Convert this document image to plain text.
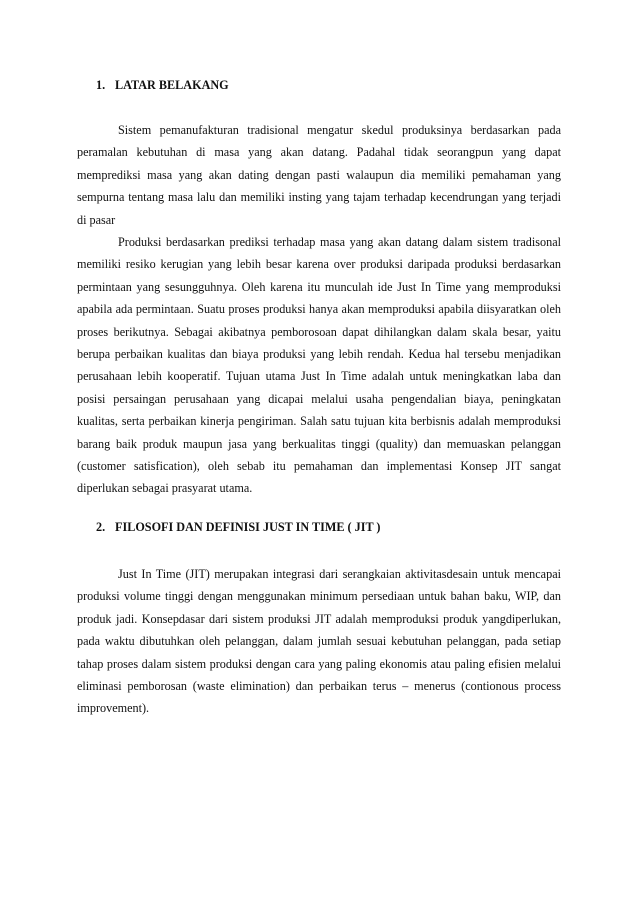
1. LATAR BELAKANG

Sistem pemanufakturan tradisional mengatur skedul produksinya berdasarkan pada peramalan kebutuhan di masa yang akan datang. Padahal tidak seorangpun yang dapat memprediksi masa yang akan dating dengan pasti walaupun dia memiliki pemahaman yang sempurna tentang masa lalu dan memiliki insting yang tajam terhadap kecendrungan yang terjadi di pasar

Produksi berdasarkan prediksi terhadap masa yang akan datang dalam sistem tradisonal memiliki resiko kerugian yang lebih besar karena over produksi daripada produksi berdasarkan permintaan yang sesungguhnya. Oleh karena itu munculah ide Just In Time yang memproduksi apabila ada permintaan. Suatu proses produksi hanya akan memproduksi apabila diisyaratkan oleh proses berikutnya. Sebagai akibatnya pemborosoan dapat dihilangkan dalam skala besar, yaitu berupa perbaikan kualitas dan biaya produksi yang lebih rendah. Kedua hal tersebu menjadikan perusahaan lebih kooperatif. Tujuan utama Just In Time adalah untuk meningkatkan laba dan posisi persaingan perusahaan yang dicapai melalui usaha pengendalian biaya, peningkatan kualitas, serta perbaikan kinerja pengiriman. Salah satu tujuan kita berbisnis adalah memproduksi barang baik produk maupun jasa yang berkualitas tinggi (quality) dan memuaskan pelanggan (customer satisfication), oleh sebab itu pemahaman dan implementasi Konsep JIT sangat diperlukan sebagai prasyarat utama.

2. FILOSOFI DAN DEFINISI JUST IN TIME ( JIT )

Just In Time (JIT) merupakan integrasi dari serangkaian aktivitasdesain untuk mencapai produksi volume tinggi dengan menggunakan minimum persediaan untuk bahan baku, WIP, dan produk jadi. Konsepdasar dari sistem produksi JIT adalah memproduksi produk yangdiperlukan, pada waktu dibutuhkan oleh pelanggan, dalam jumlah sesuai kebutuhan pelanggan, pada setiap tahap proses dalam sistem produksi dengan cara yang paling ekonomis atau paling efisien melalui eliminasi pemborosan (waste elimination) dan perbaikan terus – menerus (contionous process improvement).
